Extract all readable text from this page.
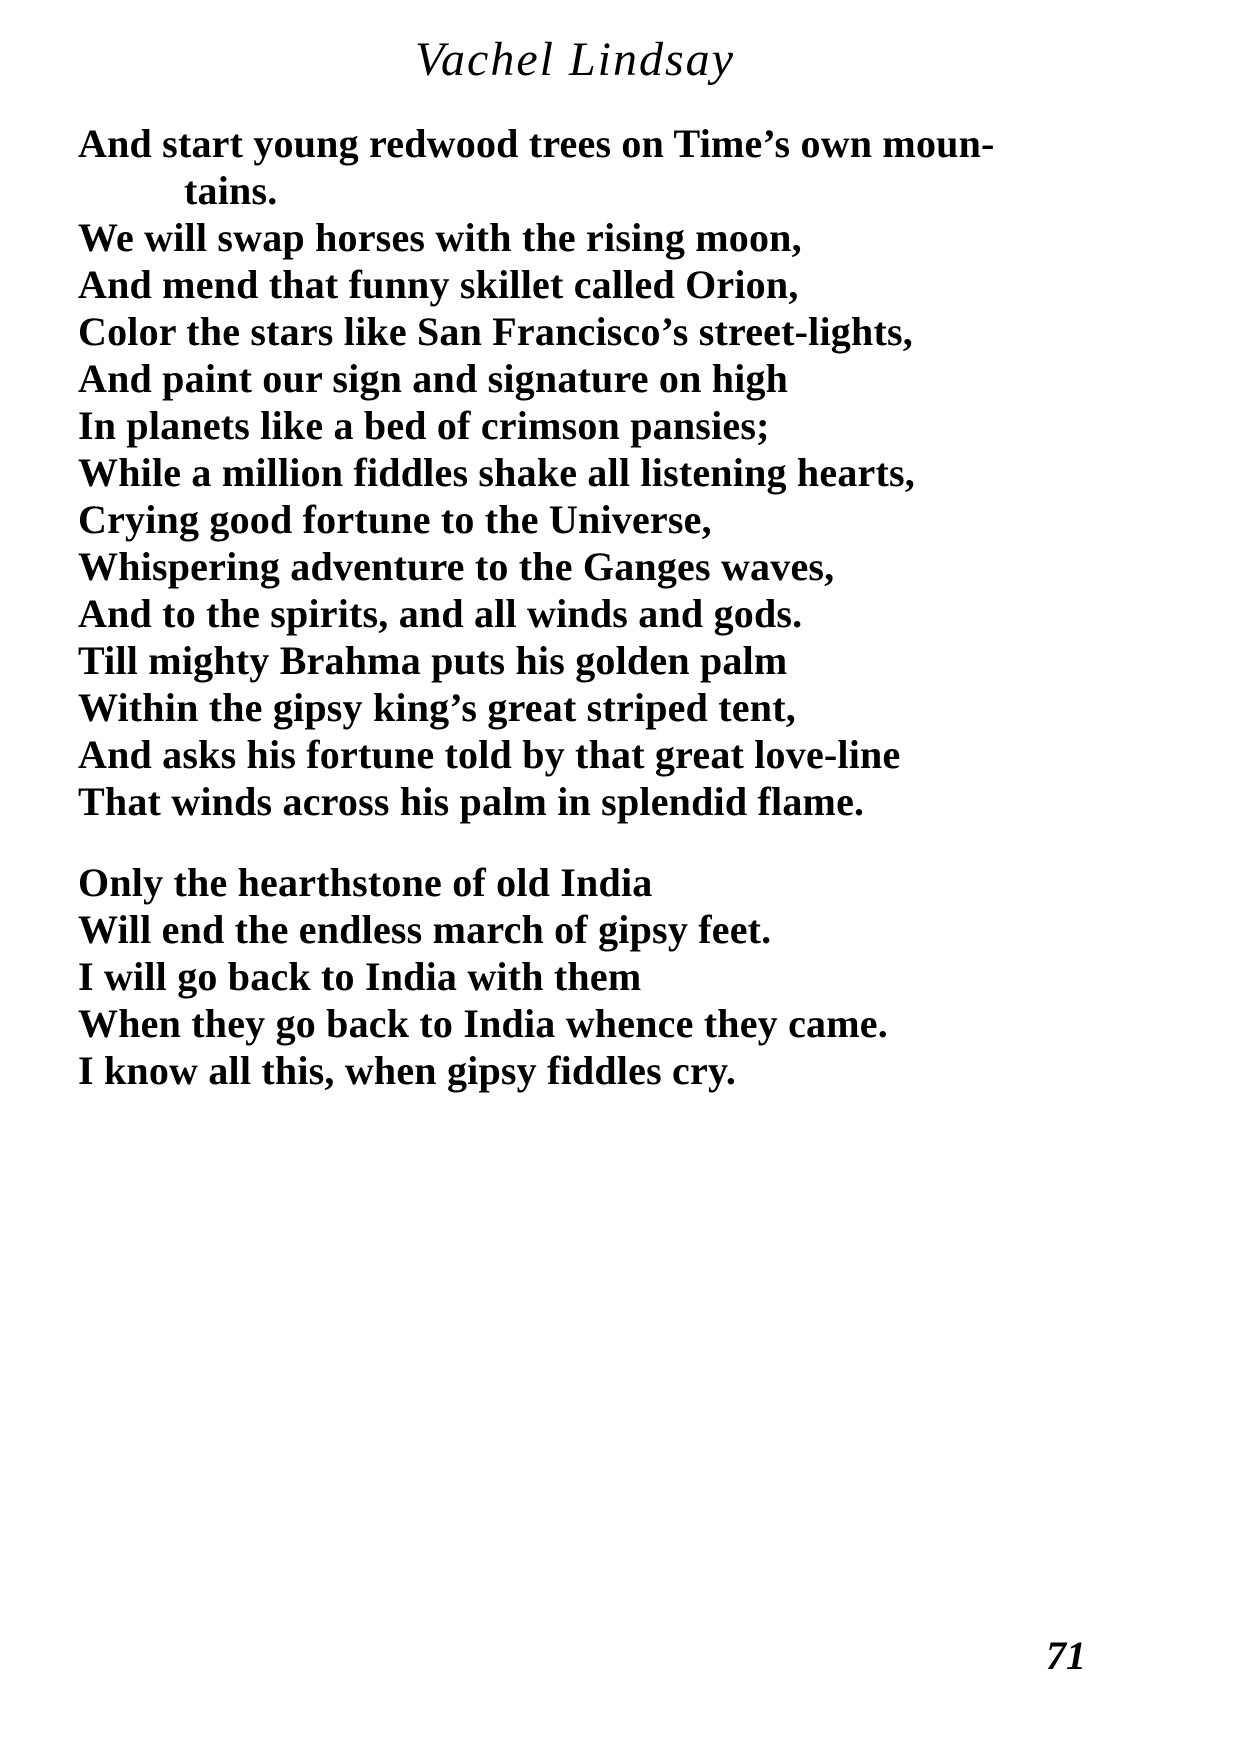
Vachel Lindsay
And start young redwood trees on Time’s own moun-
tains.
We will swap horses with the rising moon,
And mend that funny skillet called Orion,
Color the stars like San Francisco’s street-lights,
And paint our sign and signature on high
In planets like a bed of crimson pansies;
While a million fiddles shake all listening hearts,
Crying good fortune to the Universe,
Whispering adventure to the Ganges waves,
And to the spirits, and all winds and gods.
Till mighty Brahma puts his golden palm
Within the gipsy king’s great striped tent,
And asks his fortune told by that great love-line
That winds across his palm in splendid flame.
Only the hearthstone of old India
Will end the endless march of gipsy feet.
I will go back to India with them
When they go back to India whence they came.
I know all this, when gipsy fiddles cry.
71
